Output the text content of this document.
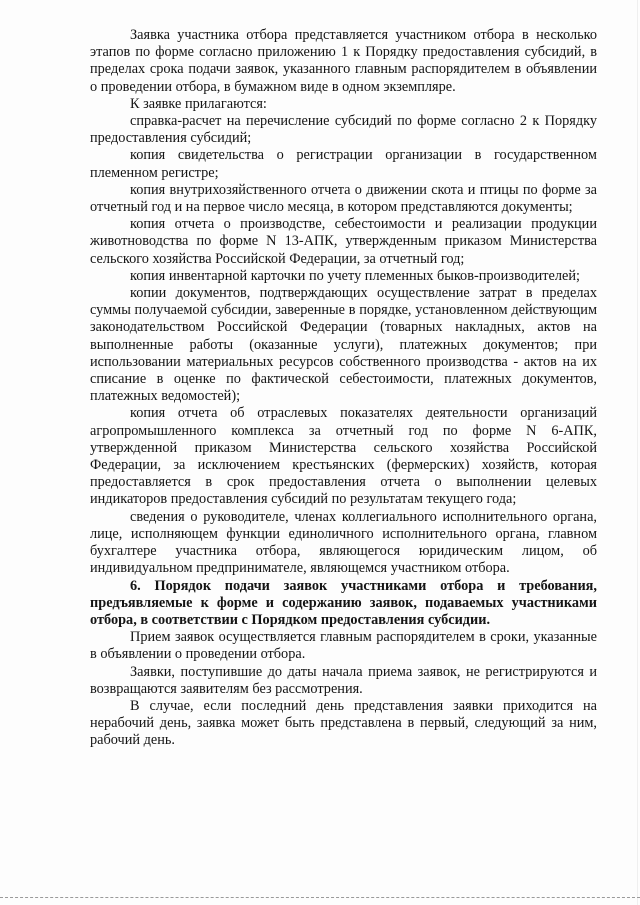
Заявка участника отбора представляется участником отбора в несколько этапов по форме согласно приложению 1 к Порядку предоставления субсидий, в пределах срока подачи заявок, указанного главным распорядителем в объявлении о проведении отбора, в бумажном виде в одном экземпляре.

К заявке прилагаются:

справка-расчет на перечисление субсидий по форме согласно 2 к Порядку предоставления субсидий;

копия свидетельства о регистрации организации в государственном племенном регистре;

копия внутрихозяйственного отчета о движении скота и птицы по форме за отчетный год и на первое число месяца, в котором представляются документы;

копия отчета о производстве, себестоимости и реализации продукции животноводства по форме N 13-АПК, утвержденным приказом Министерства сельского хозяйства Российской Федерации, за отчетный год;

копия инвентарной карточки по учету племенных быков-производителей;

копии документов, подтверждающих осуществление затрат в пределах суммы получаемой субсидии, заверенные в порядке, установленном действующим законодательством Российской Федерации (товарных накладных, актов на выполненные работы (оказанные услуги), платежных документов; при использовании материальных ресурсов собственного производства - актов на их списание в оценке по фактической себестоимости, платежных документов, платежных ведомостей);

копия отчета об отраслевых показателях деятельности организаций агропромышленного комплекса за отчетный год по форме N 6-АПК, утвержденной приказом Министерства сельского хозяйства Российской Федерации, за исключением крестьянских (фермерских) хозяйств, которая предоставляется в срок предоставления отчета о выполнении целевых индикаторов предоставления субсидий по результатам текущего года;

сведения о руководителе, членах коллегиального исполнительного органа, лице, исполняющем функции единоличного исполнительного органа, главном бухгалтере участника отбора, являющегося юридическим лицом, об индивидуальном предпринимателе, являющемся участником отбора.

6. Порядок подачи заявок участниками отбора и требования, предъявляемые к форме и содержанию заявок, подаваемых участниками отбора, в соответствии с Порядком предоставления субсидии.

Прием заявок осуществляется главным распорядителем в сроки, указанные в объявлении о проведении отбора.

Заявки, поступившие до даты начала приема заявок, не регистрируются и возвращаются заявителям без рассмотрения.

В случае, если последний день представления заявки приходится на нерабочий день, заявка может быть представлена в первый, следующий за ним, рабочий день.
